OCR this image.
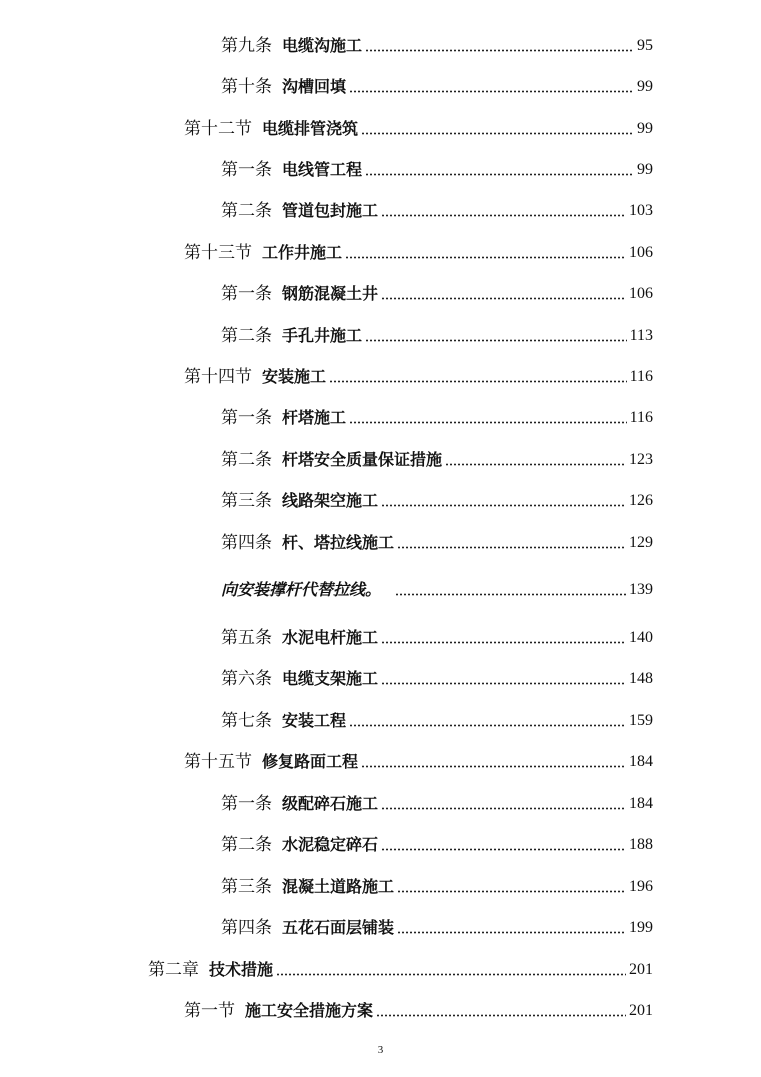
第九条 电缆沟施工	95
第十条 沟槽回填	99
第十二节 电缆排管浇筑	99
第一条 电线管工程	99
第二条 管道包封施工	103
第十三节 工作井施工	106
第一条 钢筋混凝土井	106
第二条 手孔井施工	113
第十四节 安装施工	116
第一条 杆塔施工	116
第二条 杆塔安全质量保证措施	123
第三条 线路架空施工	126
第四条 杆、塔拉线施工	129
向安装撑杆代替拉线。	139
第五条 水泥电杆施工	140
第六条 电缆支架施工	148
第七条 安装工程	159
第十五节 修复路面工程	184
第一条 级配碎石施工	184
第二条 水泥稳定碎石	188
第三条 混凝土道路施工	196
第四条 五花石面层铺装	199
第二章 技术措施	201
第一节 施工安全措施方案	201
3
